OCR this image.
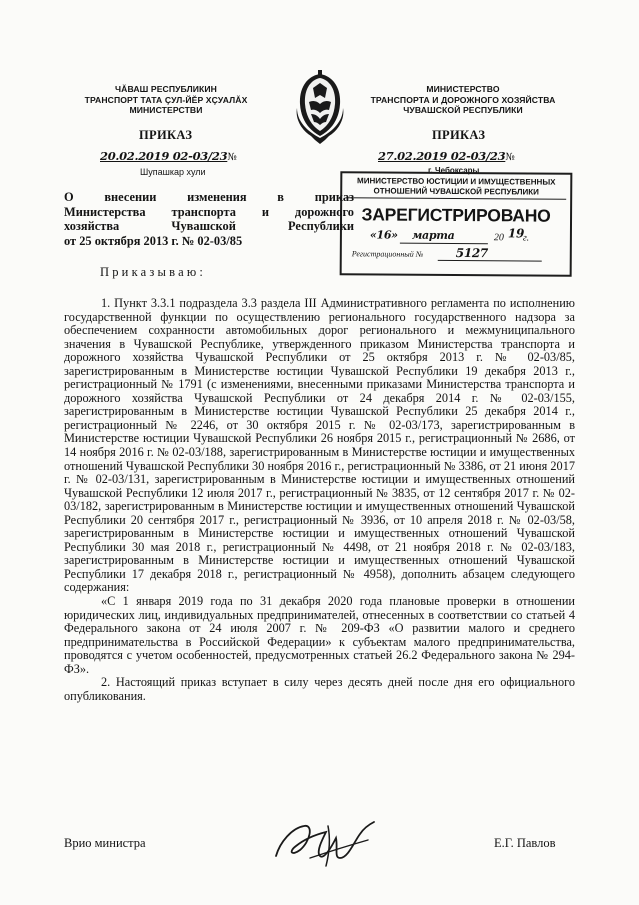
ЧĂВАШ РЕСПУБЛИКИН
ТРАНСПОРТ ТАТА ÇУЛ-ЙĔР ХÇУАЛĂХ
МИНИСТЕРСТВИ
ПРИКАЗ
20.02.2019 02-03/23№
Шупашкар хули
МИНИСТЕРСТВО
ТРАНСПОРТА И ДОРОЖНОГО ХОЗЯЙСТВА
ЧУВАШСКОЙ РЕСПУБЛИКИ
ПРИКАЗ
27.02.2019 02-03/23№
г. Чебоксары
МИНИСТЕРСТВО ЮСТИЦИИ И ИМУЩЕСТВЕННЫХ
ОТНОШЕНИЙ ЧУВАШСКОЙ РЕСПУБЛИКИ
ЗАРЕГИСТРИРОВАНО
«16» марта	20 19
г.
Регистрационный №	5127
О внесении изменения в приказ
Министерства транспорта и дорожного
хозяйства Чувашской Республики
от 25 октября 2013 г. № 02-03/85
Приказываю:

1. Пункт 3.3.1 подраздела 3.3 раздела III Административного регламента по исполнению государственной функции по осуществлению регионального государственного надзора за обеспечением сохранности автомобильных дорог регионального и межмуниципального значения в Чувашской Республике, утвержденного приказом Министерства транспорта и дорожного хозяйства Чувашской Республики от 25 октября 2013 г. № 02-03/85, зарегистрированным в Министерстве юстиции Чувашской Республики 19 декабря 2013 г., регистрационный № 1791 (с изменениями, внесенными приказами Министерства транспорта и дорожного хозяйства Чувашской Республики от 24 декабря 2014 г. № 02-03/155, зарегистрированным в Министерстве юстиции Чувашской Республики 25 декабря 2014 г., регистрационный № 2246, от 30 октября 2015 г. № 02-03/173, зарегистрированным в Министерстве юстиции Чувашской Республики 26 ноября 2015 г., регистрационный № 2686, от 14 ноября 2016 г. № 02-03/188, зарегистрированным в Министерстве юстиции и имущественных отношений Чувашской Республики 30 ноября 2016 г., регистрационный № 3386, от 21 июня 2017 г. № 02-03/131, зарегистрированным в Министерстве юстиции и имущественных отношений Чувашской Республики 12 июля 2017 г., регистрационный № 3835, от 12 сентября 2017 г. № 02-03/182, зарегистрированным в Министерстве юстиции и имущественных отношений Чувашской Республики 20 сентября 2017 г., регистрационный № 3936, от 10 апреля 2018 г. № 02-03/58, зарегистрированным в Министерстве юстиции и имущественных отношений Чувашской Республики 30 мая 2018 г., регистрационный № 4498, от 21 ноября 2018 г. № 02-03/183, зарегистрированным в Министерстве юстиции и имущественных отношений Чувашской Республики 17 декабря 2018 г., регистрационный № 4958), дополнить абзацем следующего содержания:

«С 1 января 2019 года по 31 декабря 2020 года плановые проверки в отношении юридических лиц, индивидуальных предпринимателей, отнесенных в соответствии со статьей 4 Федерального закона от 24 июля 2007 г. № 209-ФЗ «О развитии малого и среднего предпринимательства в Российской Федерации» к субъектам малого предпринимательства, проводятся с учетом особенностей, предусмотренных статьей 26.2 Федерального закона № 294-ФЗ».

2. Настоящий приказ вступает в силу через десять дней после дня его официального опубликования.

Врио министра	Е.Г. Павлов
